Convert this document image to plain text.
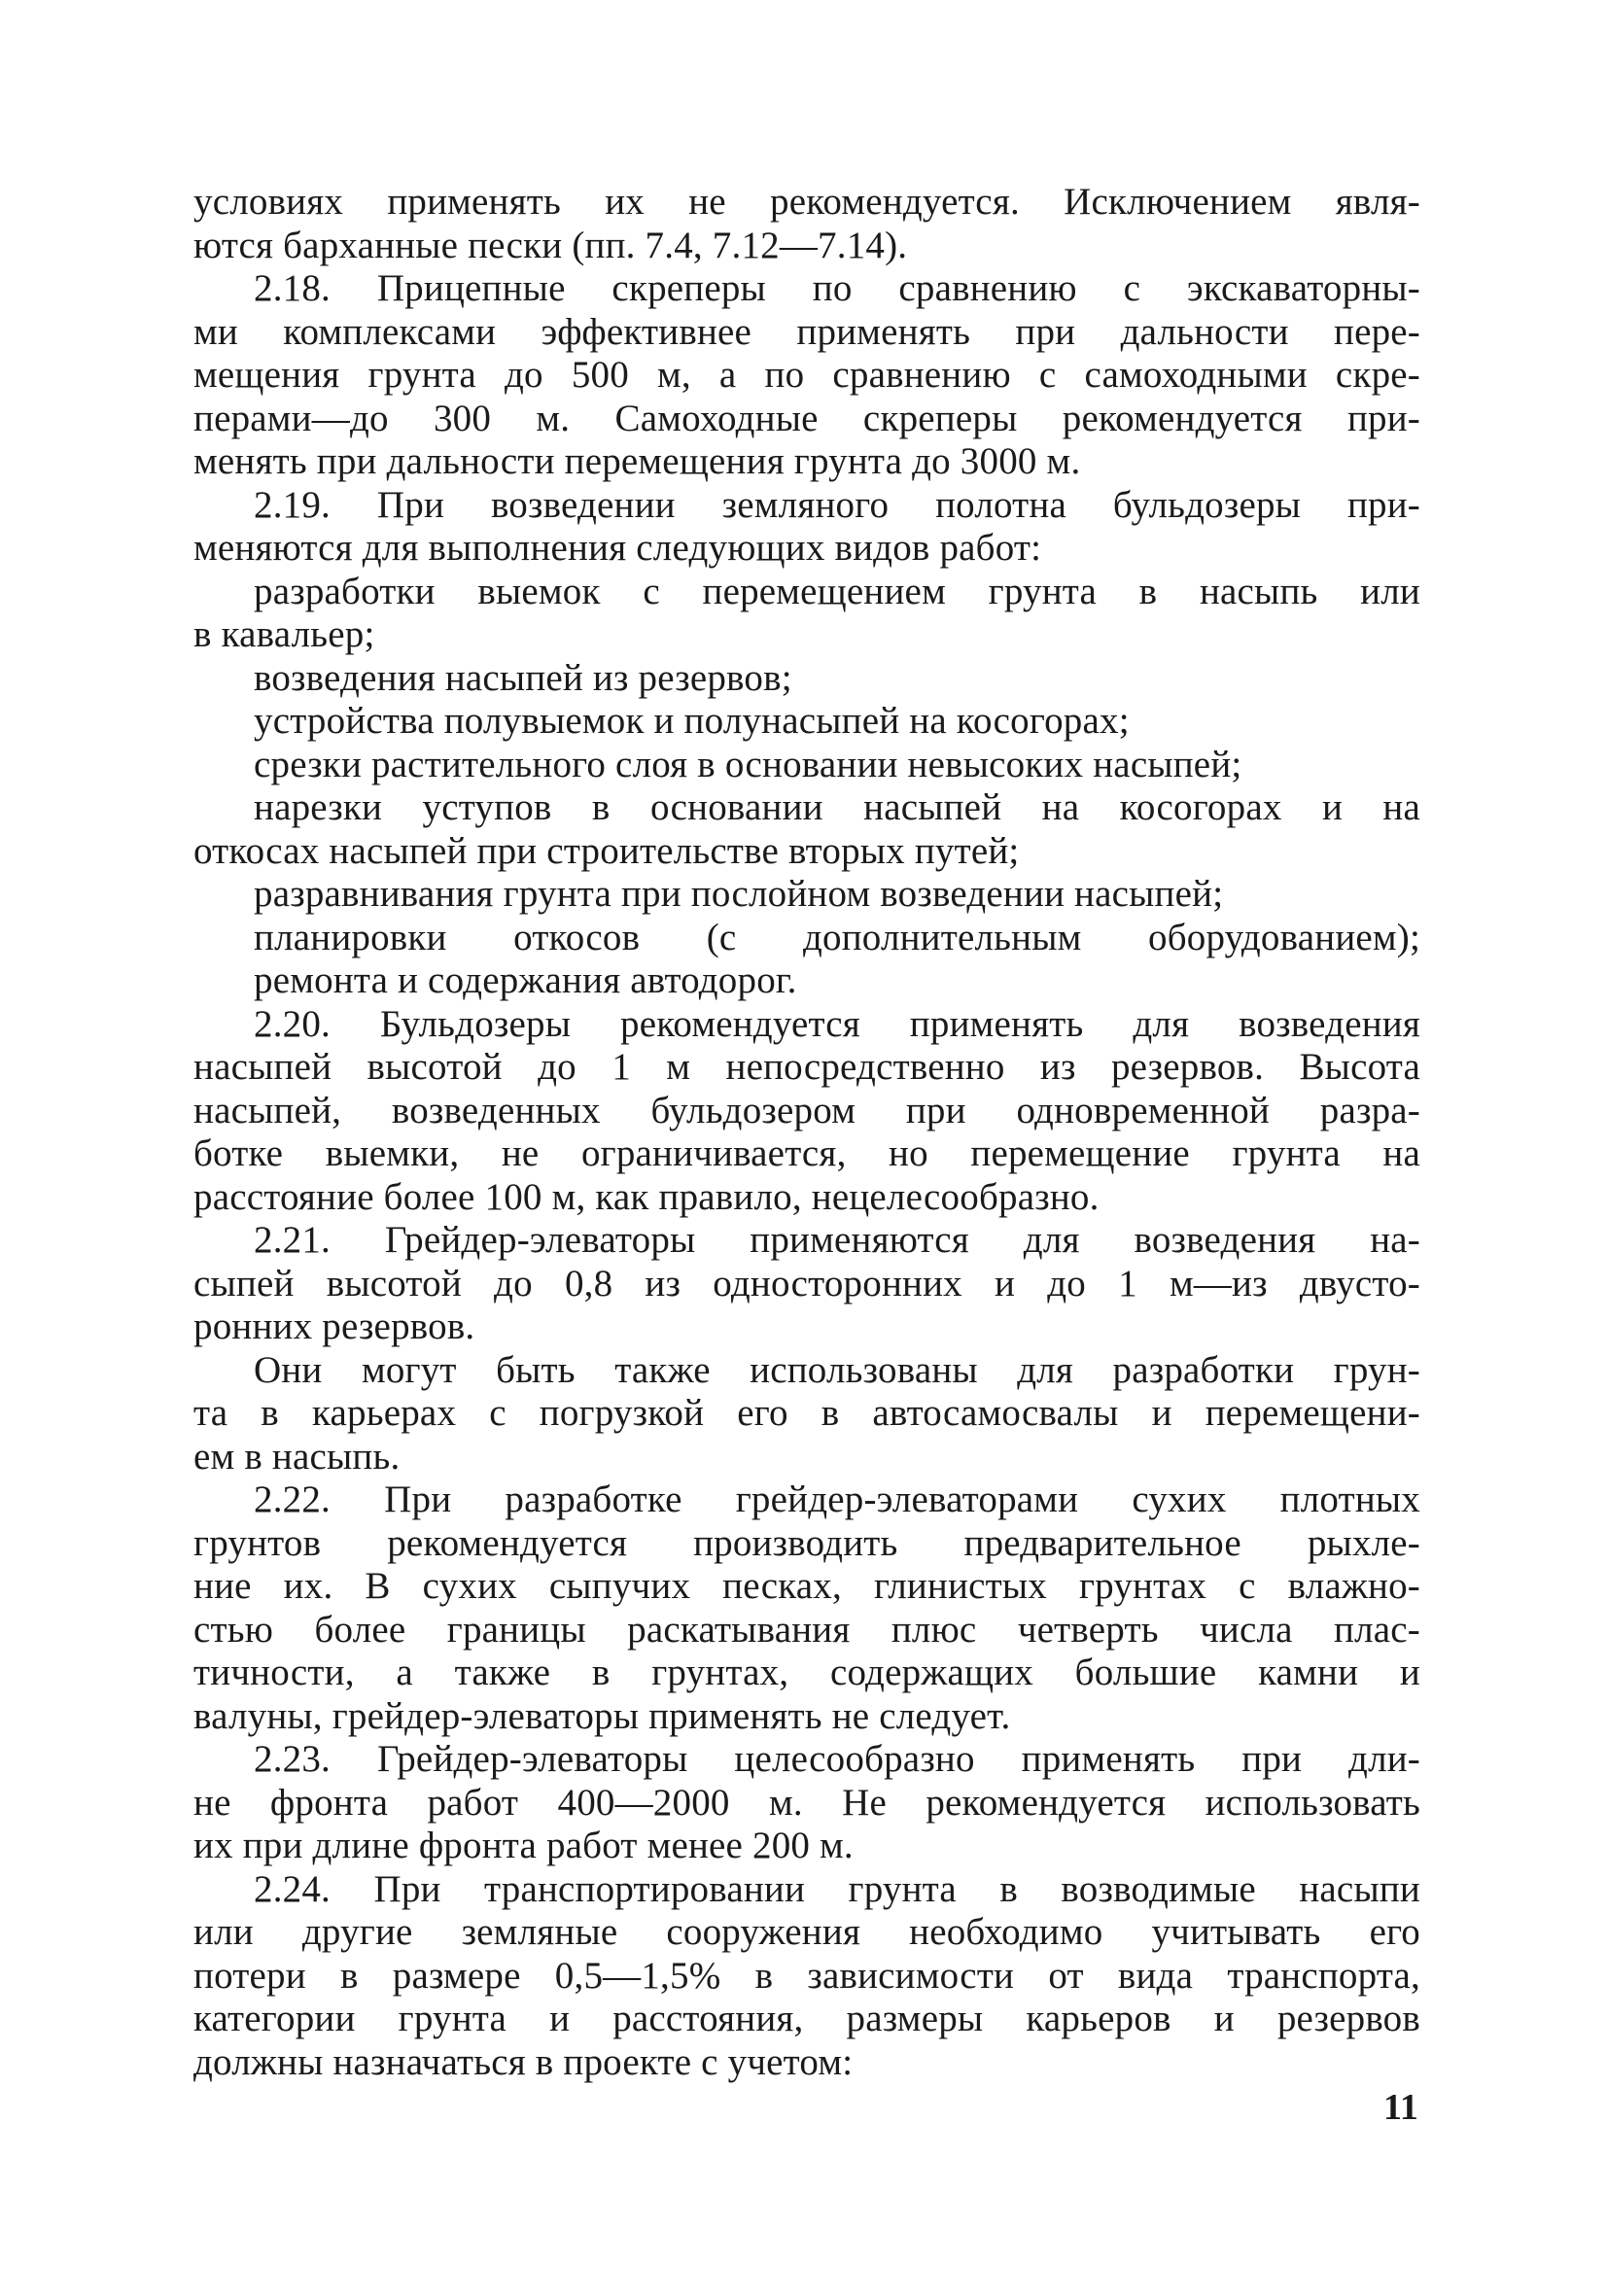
условиях применять их не рекомендуется. Исключением явля-
ются барханные пески (пп. 7.4, 7.12—7.14).
2.18. Прицепные скреперы по сравнению с экскаваторны-
ми комплексами эффективнее применять при дальности пере-
мещения грунта до 500 м, а по сравнению с самоходными скре-
перами—до 300 м. Самоходные скреперы рекомендуется при-
менять при дальности перемещения грунта до 3000 м.
2.19. При возведении земляного полотна бульдозеры при-
меняются для выполнения следующих видов работ:
разработки выемок с перемещением грунта в насыпь или
в кавальер;
возведения насыпей из резервов;
устройства полувыемок и полунасыпей на косогорах;
срезки растительного слоя в основании невысоких насыпей;
нарезки уступов в основании насыпей на косогорах и на
откосах насыпей при строительстве вторых путей;
разравнивания грунта при послойном возведении насыпей;
планировки откосов (с дополнительным оборудованием);
ремонта и содержания автодорог.
2.20. Бульдозеры рекомендуется применять для возведения
насыпей высотой до 1 м непосредственно из резервов. Высота
насыпей, возведенных бульдозером при одновременной разра-
ботке выемки, не ограничивается, но перемещение грунта на
расстояние более 100 м, как правило, нецелесообразно.
2.21. Грейдер-элеваторы применяются для возведения на-
сыпей высотой до 0,8 из односторонних и до 1 м—из двусто-
ронних резервов.
Они могут быть также использованы для разработки грун-
та в карьерах с погрузкой его в автосамосвалы и перемещени-
ем в насыпь.
2.22. При разработке грейдер-элеваторами сухих плотных
грунтов рекомендуется производить предварительное рыхле-
ние их. В сухих сыпучих песках, глинистых грунтах с влажно-
стью более границы раскатывания плюс четверть числа плас-
тичности, а также в грунтах, содержащих большие камни и
валуны, грейдер-элеваторы применять не следует.
2.23. Грейдер-элеваторы целесообразно применять при дли-
не фронта работ 400—2000 м. Не рекомендуется использовать
их при длине фронта работ менее 200 м.
2.24. При транспортировании грунта в возводимые насыпи
или другие земляные сооружения необходимо учитывать его
потери в размере 0,5—1,5% в зависимости от вида транспорта,
категории грунта и расстояния, размеры карьеров и резервов
должны назначаться в проекте с учетом:
11
